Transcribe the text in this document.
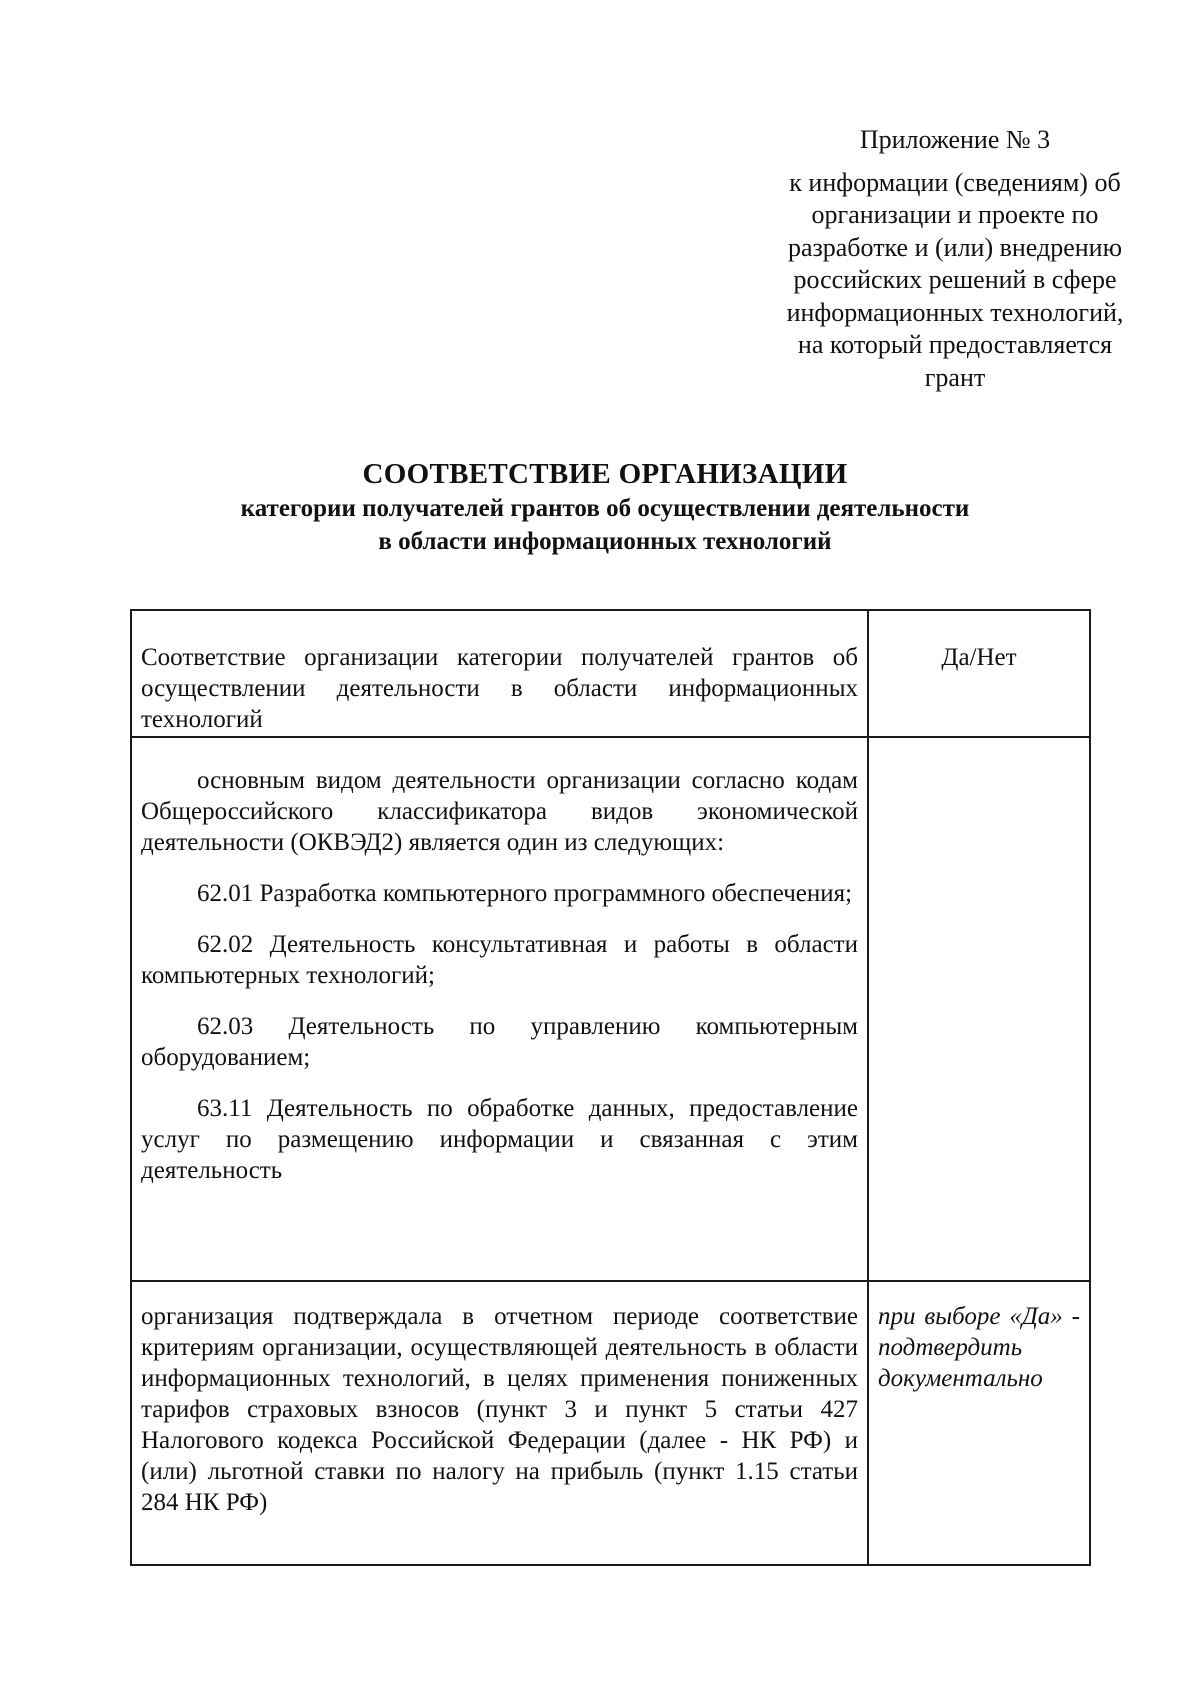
Приложение № 3
к информации (сведениям) об
организации и проекте по
разработке и (или) внедрению
российских решений в сфере
информационных технологий,
на который предоставляется
грант
СООТВЕТСТВИЕ ОРГАНИЗАЦИИ
категории получателей грантов об осуществлении деятельности
в области информационных технологий
Соответствие организации категории получателей грантов об осуществлении деятельности в области информационных технологий	Да/Нет

основным видом деятельности организации согласно кодам Общероссийского классификатора видов экономической деятельности (ОКВЭД2) является один из следующих:

62.01 Разработка компьютерного программного обеспечения;

62.02 Деятельность консультативная и работы в области компьютерных технологий;

62.03 Деятельность по управлению компьютерным оборудованием;

63.11 Деятельность по обработке данных, предоставление услуг по размещению информации и связанная с этим деятельность	

организация подтверждала в отчетном периоде соответствие критериям организации, осуществляющей деятельность в области информационных технологий, в целях применения пониженных тарифов страховых взносов (пункт 3 и пункт 5 статьи 427 Налогового кодекса Российской Федерации (далее - НК РФ) и (или) льготной ставки по налогу на прибыль (пункт 1.15 статьи 284 НК РФ)	при выборе «Да» - подтвердить документально
